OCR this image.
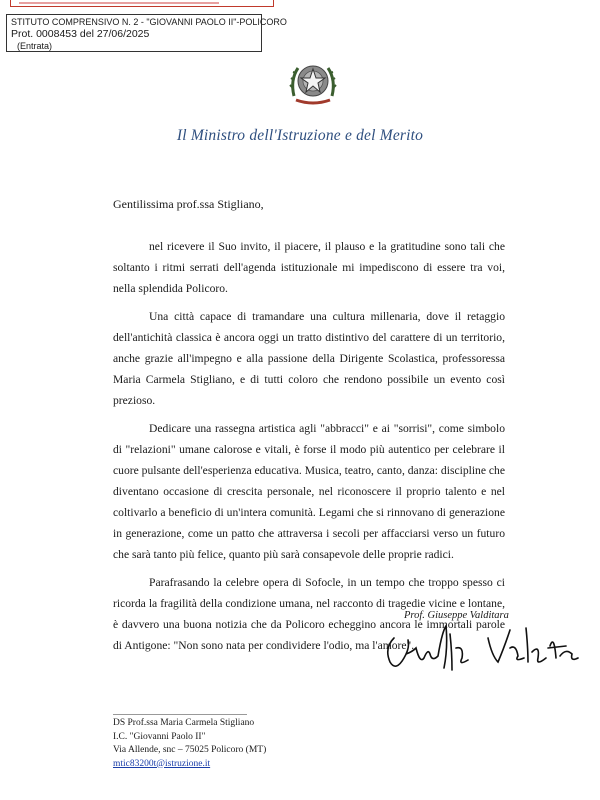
STITUTO COMPRENSIVO N. 2 - "GIOVANNI PAOLO II"-POLICORO
Prot. 0008453 del 27/06/2025
(Entrata)
Il Ministro dell'Istruzione e del Merito
Gentilissima prof.ssa Stigliano,

nel ricevere il Suo invito, il piacere, il plauso e la gratitudine sono tali che soltanto i ritmi serrati dell'agenda istituzionale mi impediscono di essere tra voi, nella splendida Policoro.

Una città capace di tramandare una cultura millenaria, dove il retaggio dell'antichità classica è ancora oggi un tratto distintivo del carattere di un territorio, anche grazie all'impegno e alla passione della Dirigente Scolastica, professoressa Maria Carmela Stigliano, e di tutti coloro che rendono possibile un evento così prezioso.

Dedicare una rassegna artistica agli "abbracci" e ai "sorrisi", come simbolo di "relazioni" umane calorose e vitali, è forse il modo più autentico per celebrare il cuore pulsante dell'esperienza educativa. Musica, teatro, canto, danza: discipline che diventano occasione di crescita personale, nel riconoscere il proprio talento e nel coltivarlo a beneficio di un'intera comunità. Legami che si rinnovano di generazione in generazione, come un patto che attraversa i secoli per affacciarsi verso un futuro che sarà tanto più felice, quanto più sarà consapevole delle proprie radici.

Parafrasando la celebre opera di Sofocle, in un tempo che troppo spesso ci ricorda la fragilità della condizione umana, nel racconto di tragedie vicine e lontane, è davvero una buona notizia che da Policoro echeggino ancora le immortali parole di Antigone: "Non sono nata per condividere l'odio, ma l'amore".

Prof. Giuseppe Valditara
DS Prof.ssa Maria Carmela Stigliano
I.C. "Giovanni Paolo II"
Via Allende, snc – 75025 Policoro (MT)
mtic83200t@istruzione.it
